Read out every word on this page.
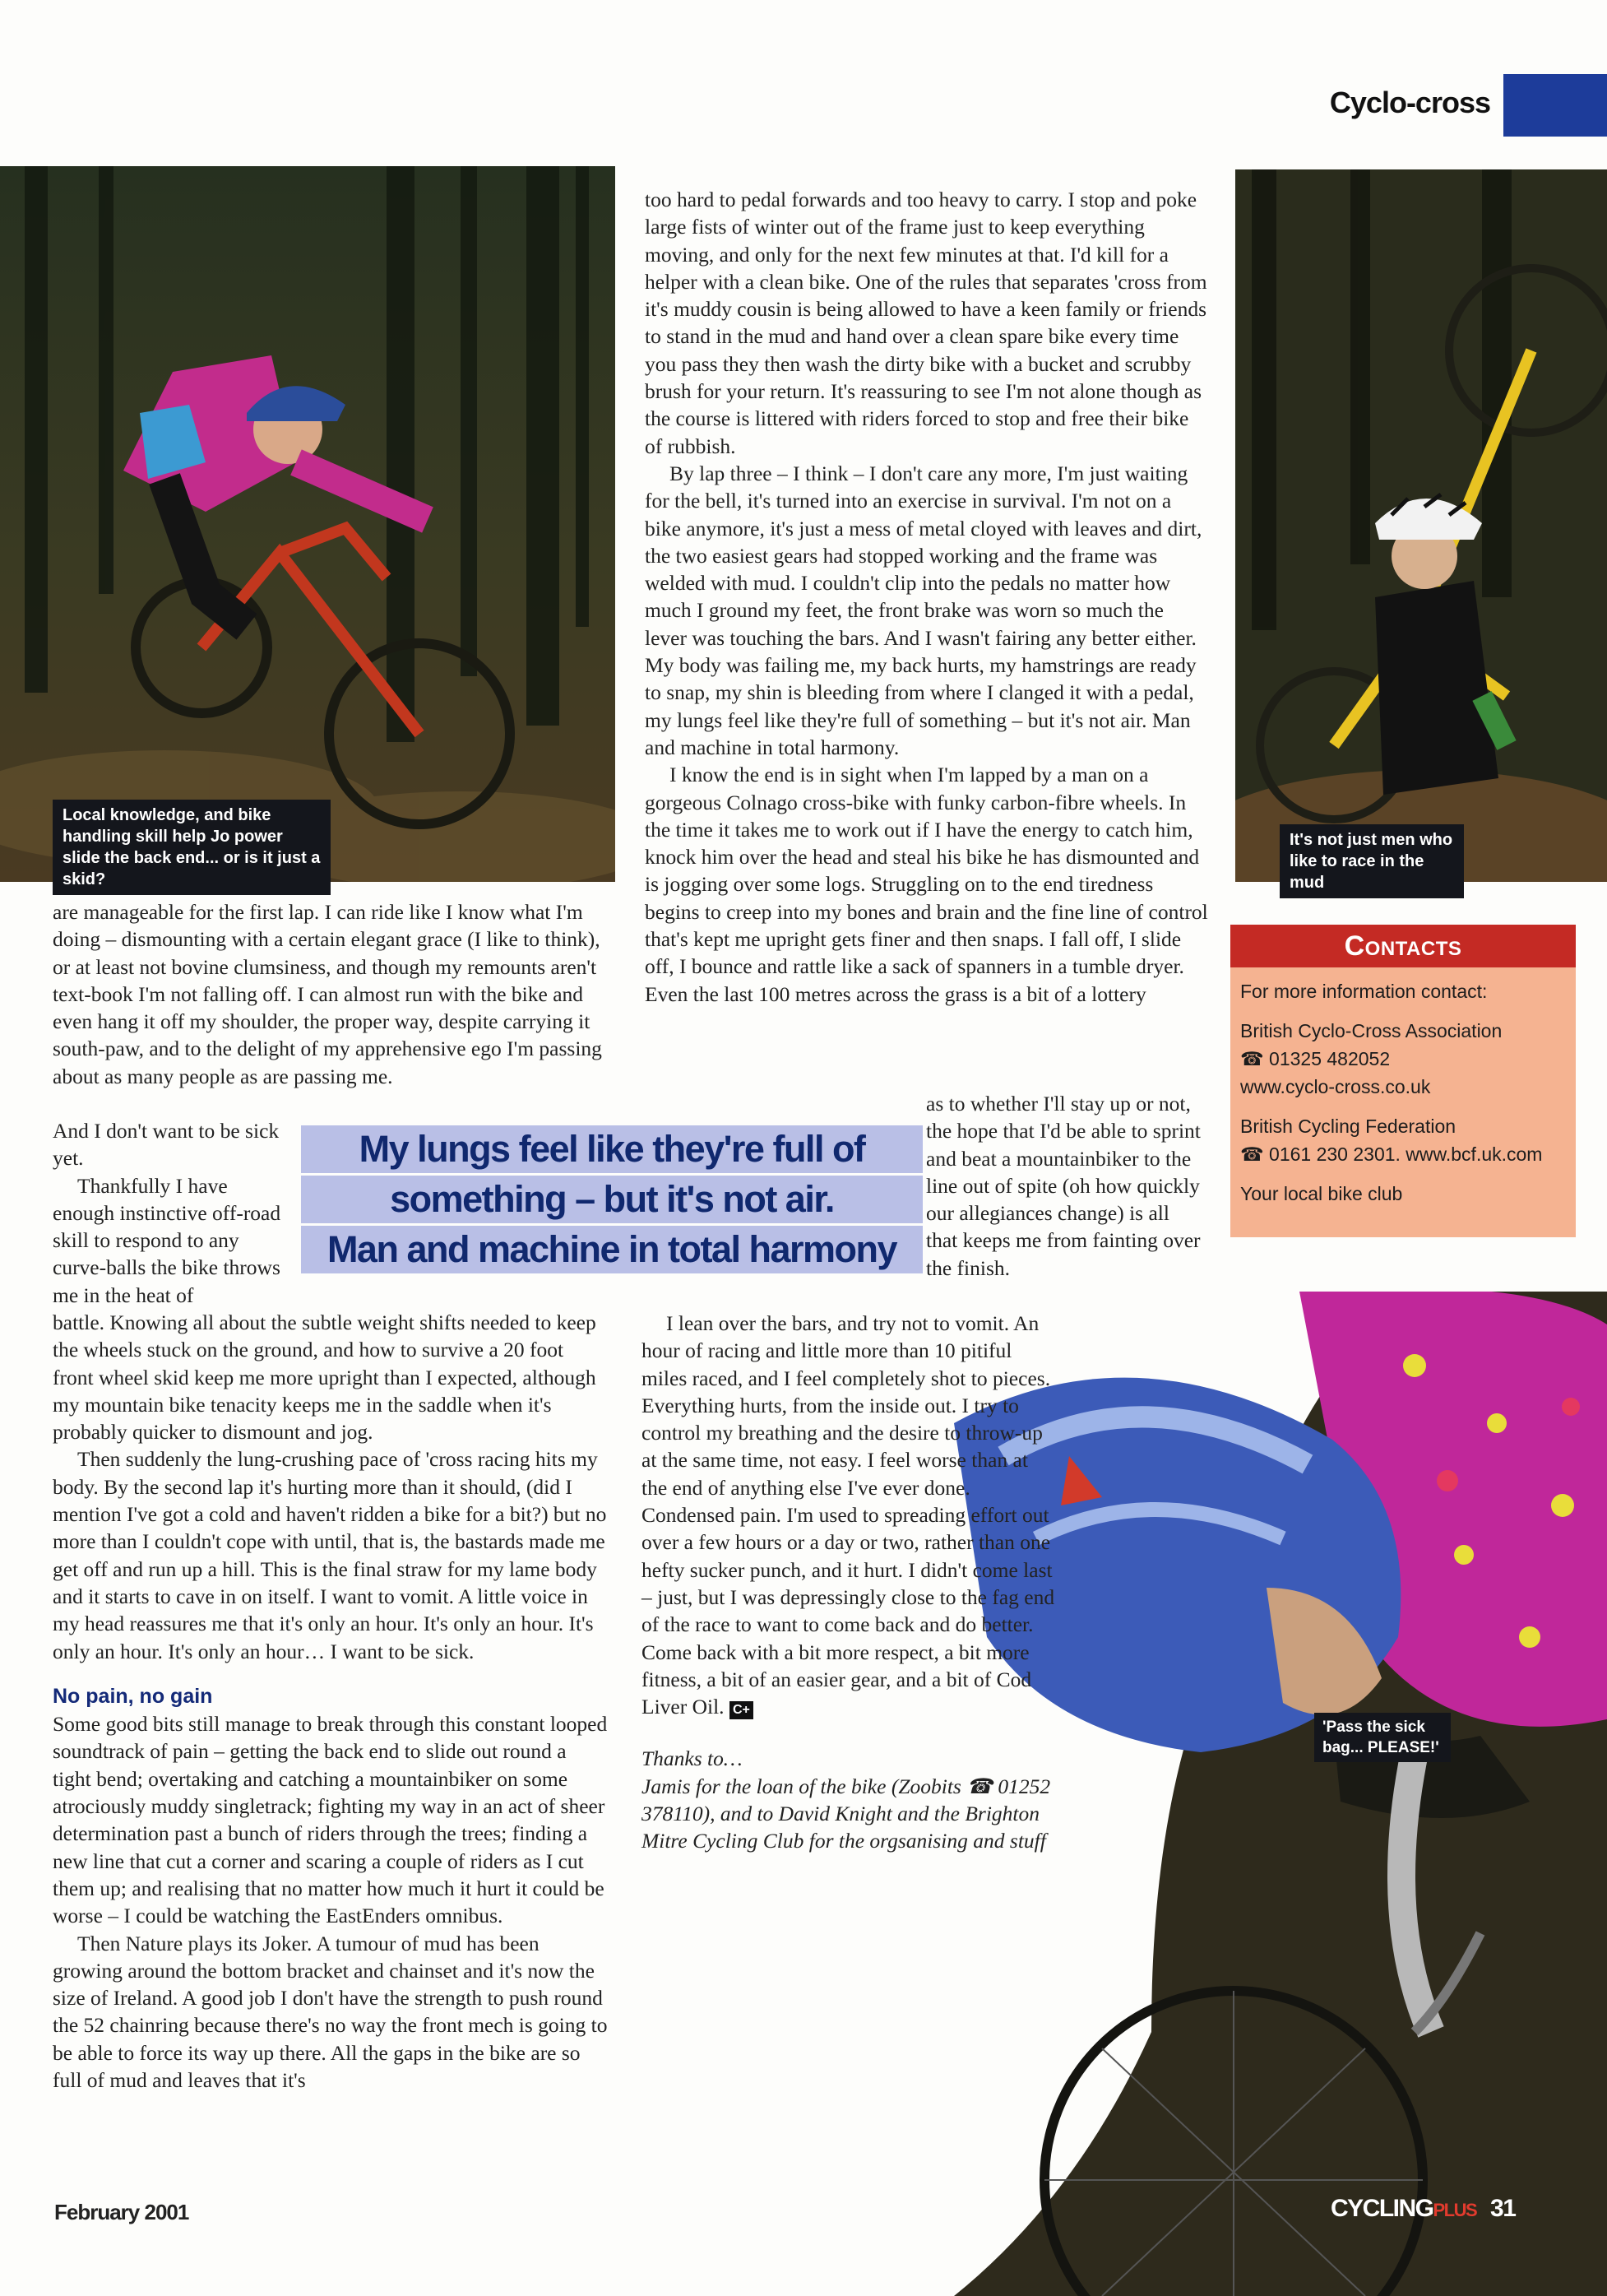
Cyclo-cross
Local knowledge, and bike handling skill help Jo power slide the back end... or is it just a skid?
It's not just men who like to race in the mud
Contacts
For more information contact:
British Cyclo-Cross Association
☎ 01325 482052
www.cyclo-cross.co.uk
British Cycling Federation
☎ 0161 230 2301. www.bcf.uk.com
Your local bike club
'Pass the sick bag... PLEASE!'
My lungs feel like they're full of
something – but it's not air.
Man and machine in total harmony

are manageable for the first lap. I can ride like I know what I'm doing – dismounting with a certain elegant grace (I like to think), or at least not bovine clumsiness, and though my remounts aren't text-book I'm not falling off. I can almost run with the bike and even hang it off my shoulder, the proper way, despite carrying it south-paw, and to the delight of my apprehensive ego I'm passing about as many people as are passing me.

And I don't want to be sick yet.

Thankfully I have enough instinctive off-road skill to respond to any curve-balls the bike throws me in the heat of

battle. Knowing all about the subtle weight shifts needed to keep the wheels stuck on the ground, and how to survive a 20 foot front wheel skid keep me more upright than I expected, although my mountain bike tenacity keeps me in the saddle when it's probably quicker to dismount and jog.

Then suddenly the lung-crushing pace of 'cross racing hits my body. By the second lap it's hurting more than it should, (did I mention I've got a cold and haven't ridden a bike for a bit?) but no more than I couldn't cope with until, that is, the bastards made me get off and run up a hill. This is the final straw for my lame body and it starts to cave in on itself. I want to vomit. A little voice in my head reassures me that it's only an hour. It's only an hour. It's only an hour. It's only an hour… I want to be sick.

No pain, no gain

Some good bits still manage to break through this constant looped soundtrack of pain – getting the back end to slide out round a tight bend; overtaking and catching a mountainbiker on some atrociously muddy singletrack; fighting my way in an act of sheer determination past a bunch of riders through the trees; finding a new line that cut a corner and scaring a couple of riders as I cut them up; and realising that no matter how much it hurt it could be worse – I could be watching the EastEnders omnibus.

Then Nature plays its Joker. A tumour of mud has been growing around the bottom bracket and chainset and it's now the size of Ireland. A good job I don't have the strength to push round the 52 chainring because there's no way the front mech is going to be able to force its way up there. All the gaps in the bike are so full of mud and leaves that it's

too hard to pedal forwards and too heavy to carry. I stop and poke large fists of winter out of the frame just to keep everything moving, and only for the next few minutes at that. I'd kill for a helper with a clean bike. One of the rules that separates 'cross from it's muddy cousin is being allowed to have a keen family or friends to stand in the mud and hand over a clean spare bike every time you pass they then wash the dirty bike with a bucket and scrubby brush for your return. It's reassuring to see I'm not alone though as the course is littered with riders forced to stop and free their bike of rubbish.

By lap three – I think – I don't care any more, I'm just waiting for the bell, it's turned into an exercise in survival. I'm not on a bike anymore, it's just a mess of metal cloyed with leaves and dirt, the two easiest gears had stopped working and the frame was welded with mud. I couldn't clip into the pedals no matter how much I ground my feet, the front brake was worn so much the lever was touching the bars. And I wasn't fairing any better either. My body was failing me, my back hurts, my hamstrings are ready to snap, my shin is bleeding from where I clanged it with a pedal, my lungs feel like they're full of something – but it's not air. Man and machine in total harmony.

I know the end is in sight when I'm lapped by a man on a gorgeous Colnago cross-bike with funky carbon-fibre wheels. In the time it takes me to work out if I have the energy to catch him, knock him over the head and steal his bike he has dismounted and is jogging over some logs. Struggling on to the end tiredness begins to creep into my bones and brain and the fine line of control that's kept me upright gets finer and then snaps. I fall off, I slide off, I bounce and rattle like a sack of spanners in a tumble dryer. Even the last 100 metres across the grass is a bit of a lottery

as to whether I'll stay up or not, the hope that I'd be able to sprint and beat a mountainbiker to the line out of spite (oh how quickly our allegiances change) is all that keeps me from fainting over the finish.

I lean over the bars, and try not to vomit. An hour of racing and little more than 10 pitiful miles raced, and I feel completely shot to pieces. Everything hurts, from the inside out. I try to control my breathing and the desire to throw-up at the same time, not easy. I feel worse than at the end of anything else I've ever done. Condensed pain. I'm used to spreading effort out over a few hours or a day or two, rather than one hefty sucker punch, and it hurt. I didn't come last – just, but I was depressingly close to the fag end of the race to want to come back and do better. Come back with a bit more respect, a bit more fitness, a bit of an easier gear, and a bit of Cod Liver Oil. C+

Thanks to…

Jamis for the loan of the bike (Zoobits ☎ 01252 378110), and to David Knight and the Brighton Mitre Cycling Club for the orgsanising and stuff

February 2001	CYCLINGPLUS 31
